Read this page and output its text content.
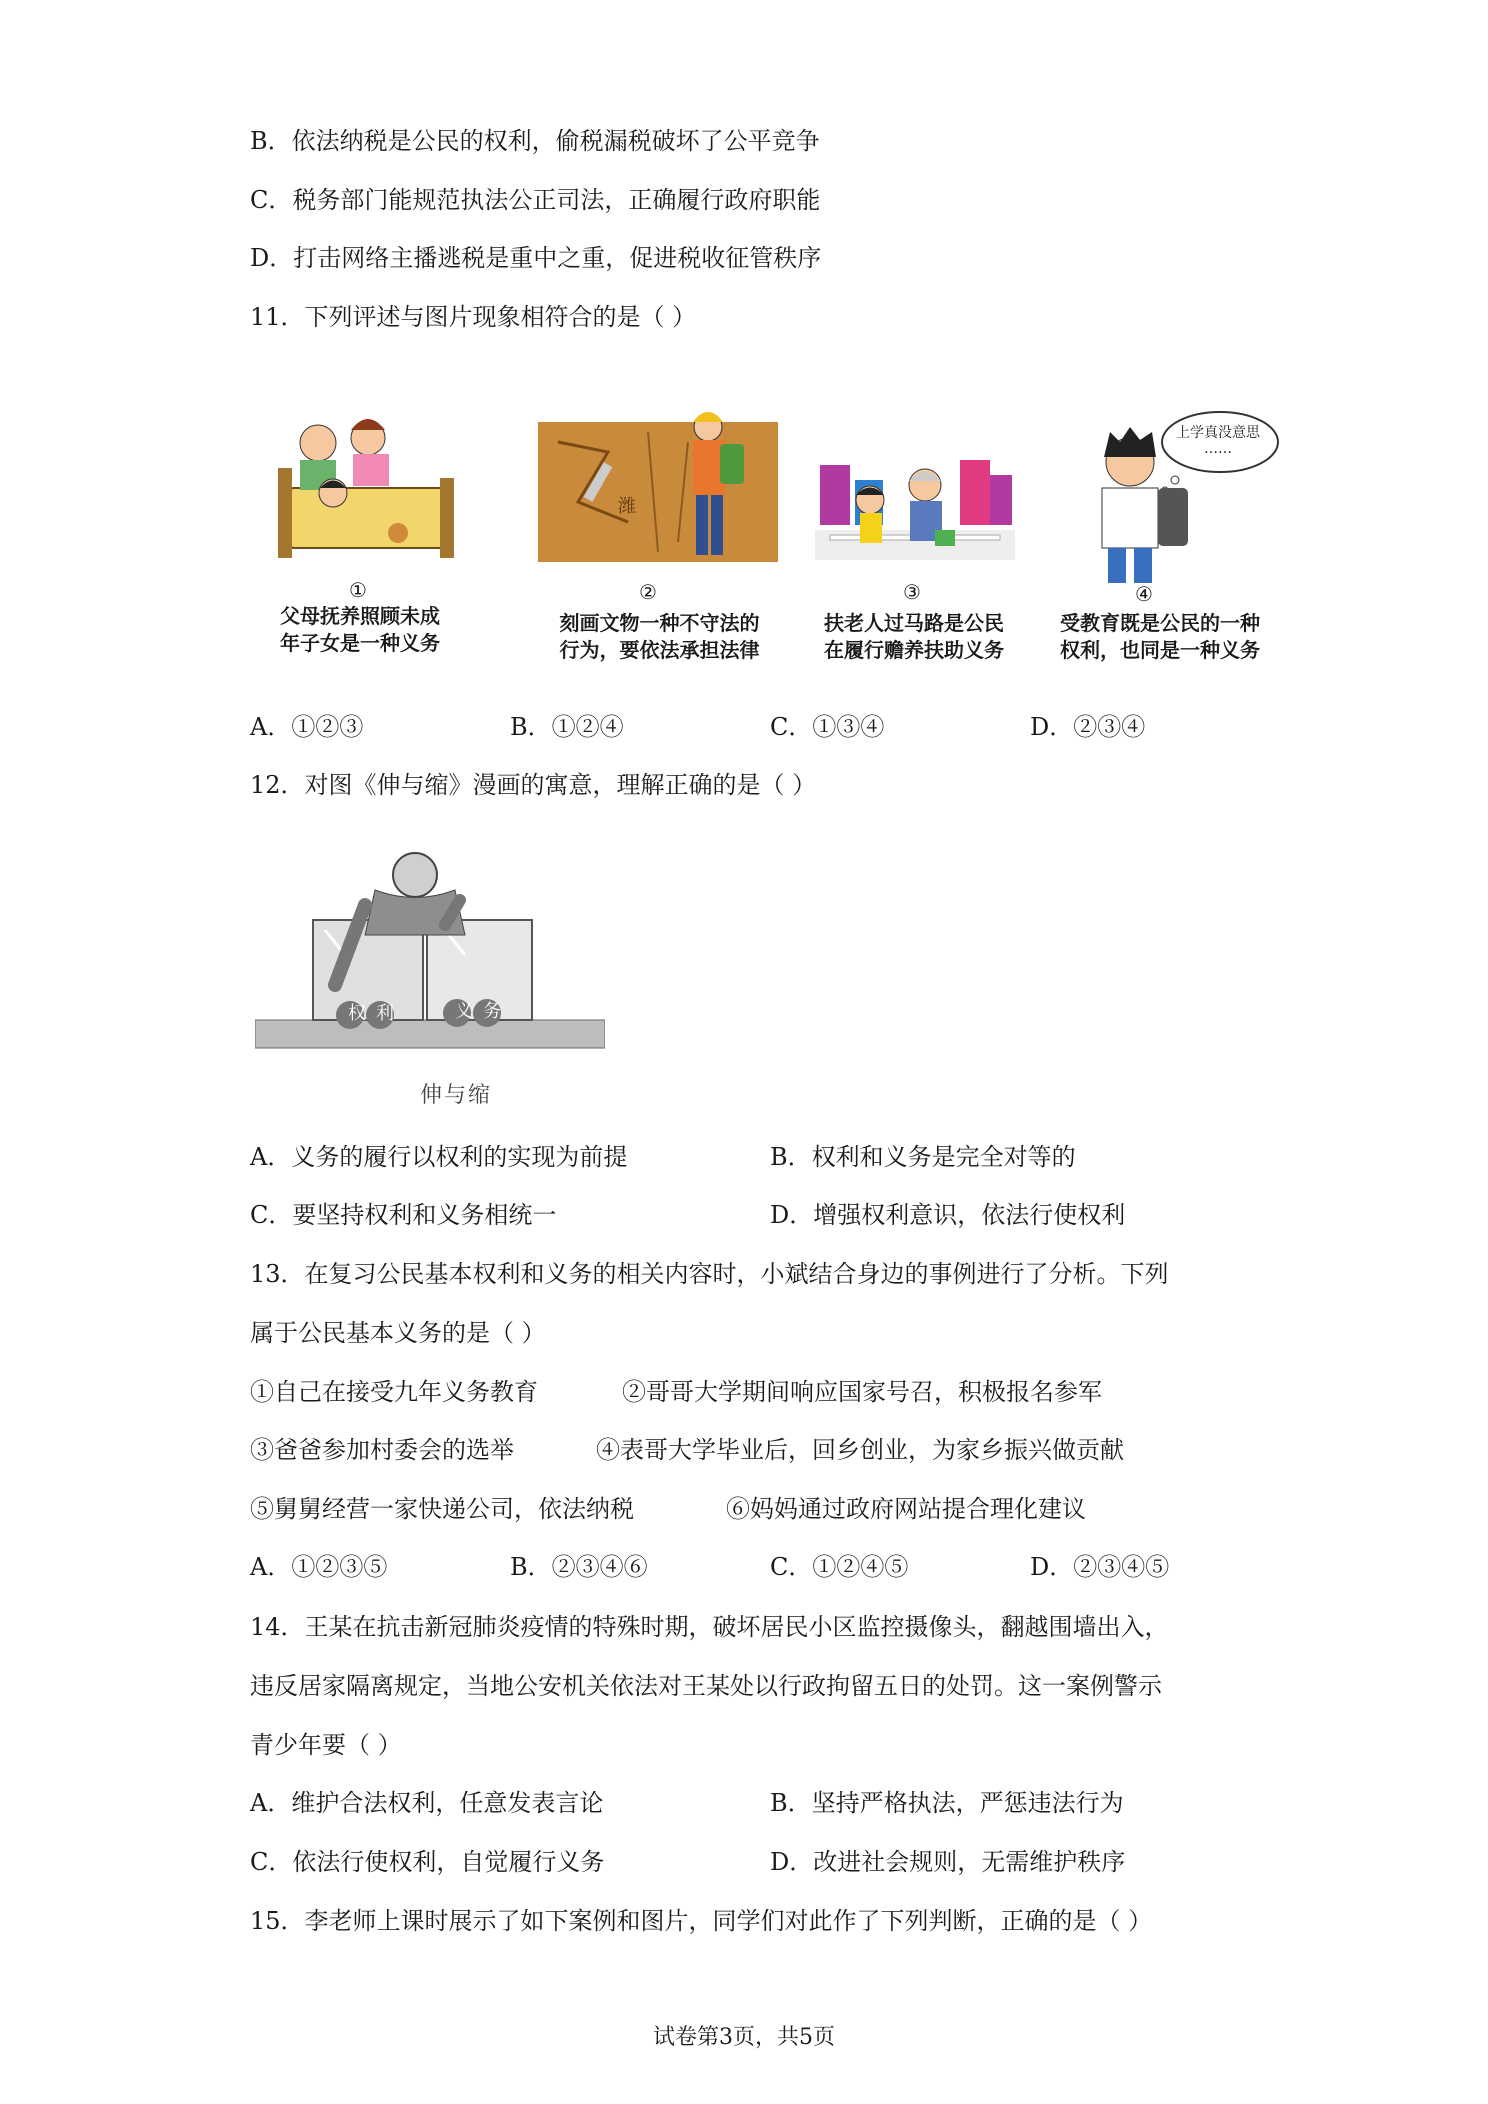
B．依法纳税是公民的权利，偷税漏税破坏了公平竞争
C．税务部门能规范执法公正司法，正确履行政府职能
D．打击网络主播逃税是重中之重，促进税收征管秩序
11．下列评述与图片现象相符合的是（ ）
①
父母抚养照顾未成
年子女是一种义务
潍
②
刻画文物一种不守法的
行为，要依法承担法律
③
扶老人过马路是公民
在履行赡养扶助义务
上学真没意思
……
④
受教育既是公民的一种
权利，也同是一种义务
A．①②③	B．①②④	C．①③④	D．②③④
12．对图《伸与缩》漫画的寓意，理解正确的是（ ）
权利	义务
伸与缩
A．义务的履行以权利的实现为前提	B．权利和义务是完全对等的
C．要坚持权利和义务相统一	D．增强权利意识，依法行使权利
13．在复习公民基本权利和义务的相关内容时，小斌结合身边的事例进行了分析。下列
属于公民基本义务的是（ ）
①自己在接受九年义务教育	②哥哥大学期间响应国家号召，积极报名参军
③爸爸参加村委会的选举	④表哥大学毕业后，回乡创业，为家乡振兴做贡献
⑤舅舅经营一家快递公司，依法纳税	⑥妈妈通过政府网站提合理化建议
A．①②③⑤	B．②③④⑥	C．①②④⑤	D．②③④⑤
14．王某在抗击新冠肺炎疫情的特殊时期，破坏居民小区监控摄像头，翻越围墙出入，
违反居家隔离规定，当地公安机关依法对王某处以行政拘留五日的处罚。这一案例警示
青少年要（ ）
A．维护合法权利，任意发表言论	B．坚持严格执法，严惩违法行为
C．依法行使权利，自觉履行义务	D．改进社会规则，无需维护秩序
15．李老师上课时展示了如下案例和图片，同学们对此作了下列判断，正确的是（ ）
试卷第3页，共5页
